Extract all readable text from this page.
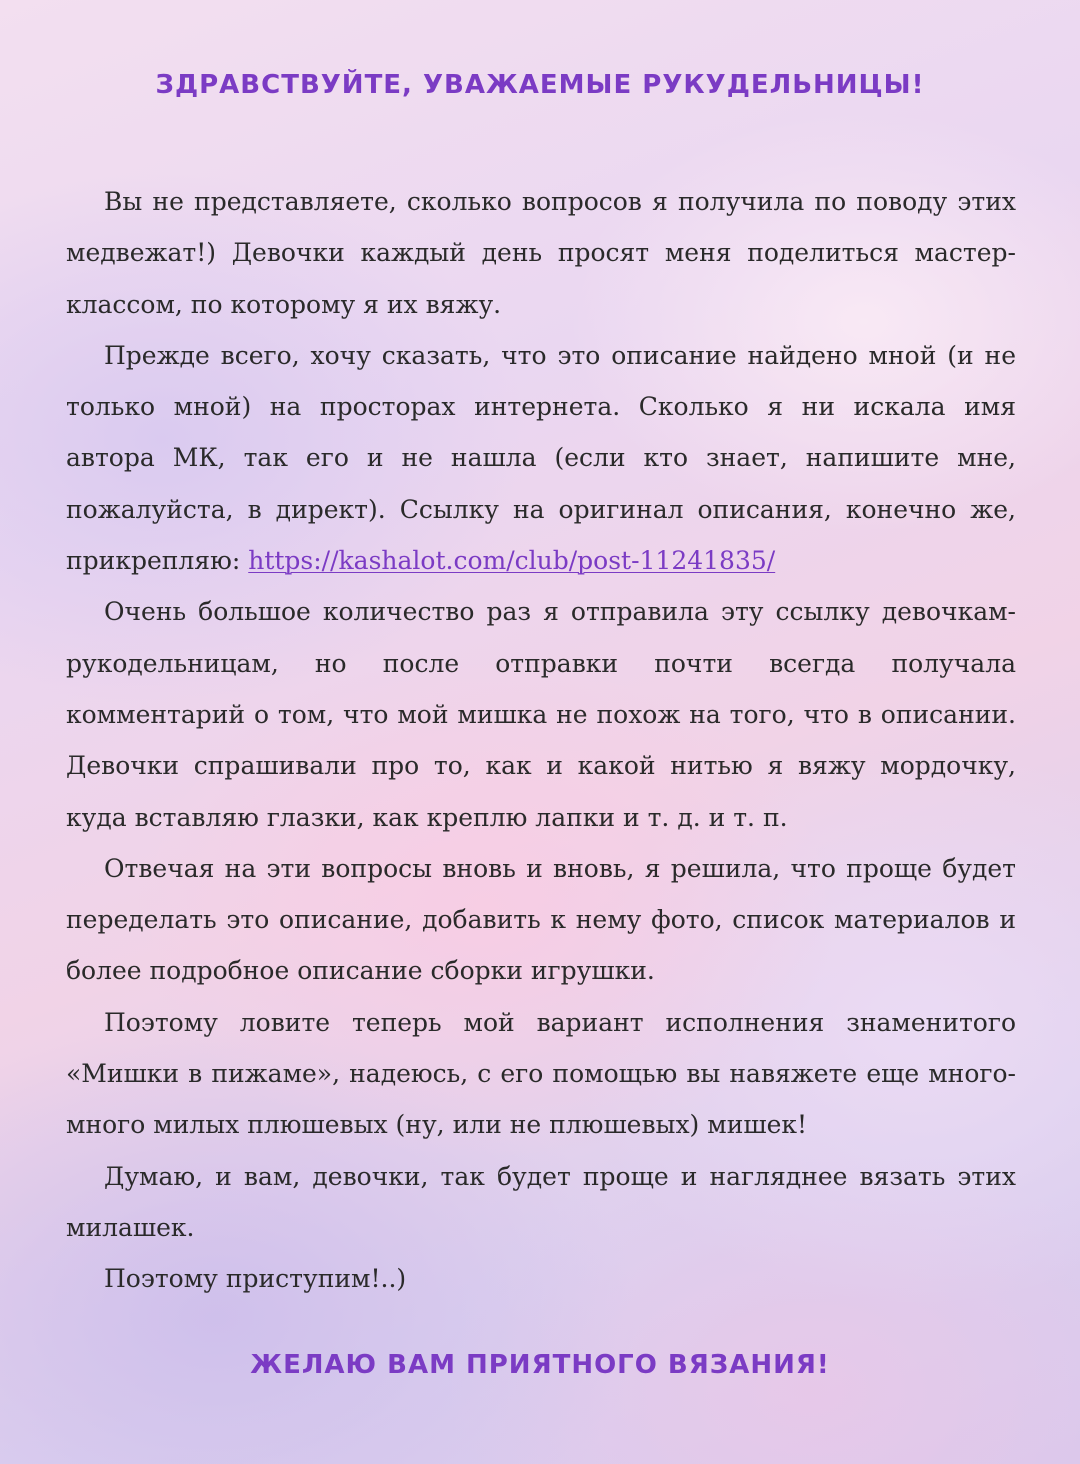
ЗДРАВСТВУЙТЕ, УВАЖАЕМЫЕ РУКУДЕЛЬНИЦЫ!

Вы не представляете, сколько вопросов я получила по поводу этих медвежат!) Девочки каждый день просят меня поделиться мастер-классом, по которому я их вяжу.

Прежде всего, хочу сказать, что это описание найдено мной (и не только мной) на просторах интернета. Сколько я ни искала имя автора МК, так его и не нашла (если кто знает, напишите мне, пожалуйста, в директ). Ссылку на оригинал описания, конечно же, прикрепляю: https://kashalot.com/club/post-11241835/

Очень большое количество раз я отправила эту ссылку девочкам-рукодельницам, но после отправки почти всегда получала комментарий о том, что мой мишка не похож на того, что в описании. Девочки спрашивали про то, как и какой нитью я вяжу мордочку, куда вставляю глазки, как креплю лапки и т. д. и т. п.

Отвечая на эти вопросы вновь и вновь, я решила, что проще будет переделать это описание, добавить к нему фото, список материалов и более подробное описание сборки игрушки.

Поэтому ловите теперь мой вариант исполнения знаменитого «Мишки в пижаме», надеюсь, с его помощью вы навяжете еще много-много милых плюшевых (ну, или не плюшевых) мишек!

Думаю, и вам, девочки, так будет проще и нагляднее вязать этих милашек.

Поэтому приступим!..)

ЖЕЛАЮ ВАМ ПРИЯТНОГО ВЯЗАНИЯ!
